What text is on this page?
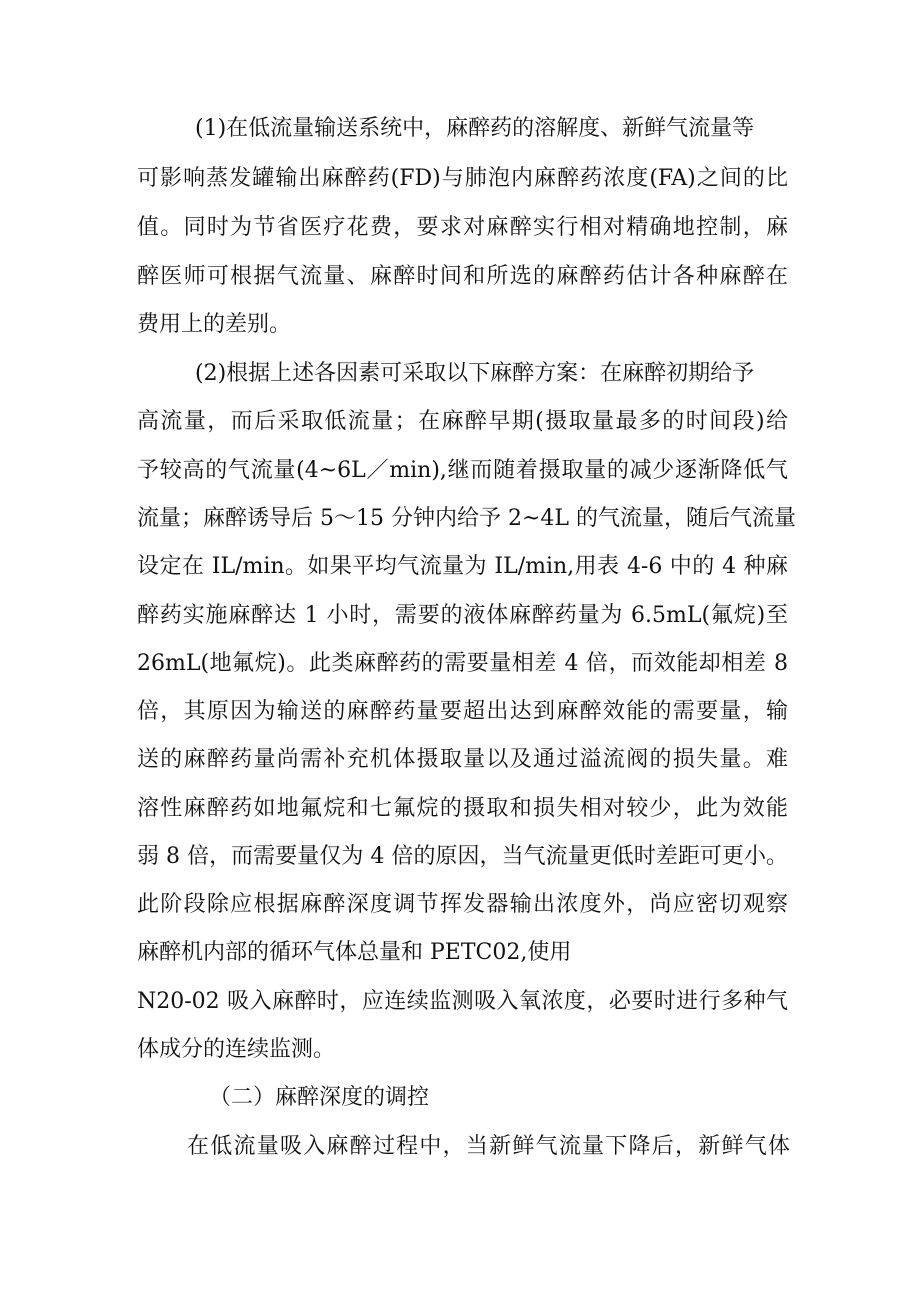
(1)在低流量输送系统中，麻醉药的溶解度、新鲜气流量等
可影响蒸发罐输出麻醉药(FD)与肺泡内麻醉药浓度(FA)之间的比
值。同时为节省医疗花费，要求对麻醉实行相对精确地控制，麻
醉医师可根据气流量、麻醉时间和所选的麻醉药估计各种麻醉在
费用上的差别。
(2)根据上述各因素可采取以下麻醉方案：在麻醉初期给予
高流量，而后采取低流量；在麻醉早期(摄取量最多的时间段)给
予较高的气流量(4~6L／min),继而随着摄取量的减少逐渐降低气
流量；麻醉诱导后 5～15 分钟内给予 2~4L 的气流量，随后气流量
设定在 IL/min。如果平均气流量为 IL/min,用表 4-6 中的 4 种麻
醉药实施麻醉达 1 小时，需要的液体麻醉药量为 6.5mL(氟烷)至
26mL(地氟烷)。此类麻醉药的需要量相差 4 倍，而效能却相差 8
倍，其原因为输送的麻醉药量要超出达到麻醉效能的需要量，输
送的麻醉药量尚需补充机体摄取量以及通过溢流阀的损失量。难
溶性麻醉药如地氟烷和七氟烷的摄取和损失相对较少，此为效能
弱 8 倍，而需要量仅为 4 倍的原因，当气流量更低时差距可更小。
此阶段除应根据麻醉深度调节挥发器输出浓度外，尚应密切观察
麻醉机内部的循环气体总量和 PETC02,使用
N20-02 吸入麻醉时，应连续监测吸入氧浓度，必要时进行多种气
体成分的连续监测。
（二）麻醉深度的调控
在低流量吸入麻醉过程中，当新鲜气流量下降后，新鲜气体
